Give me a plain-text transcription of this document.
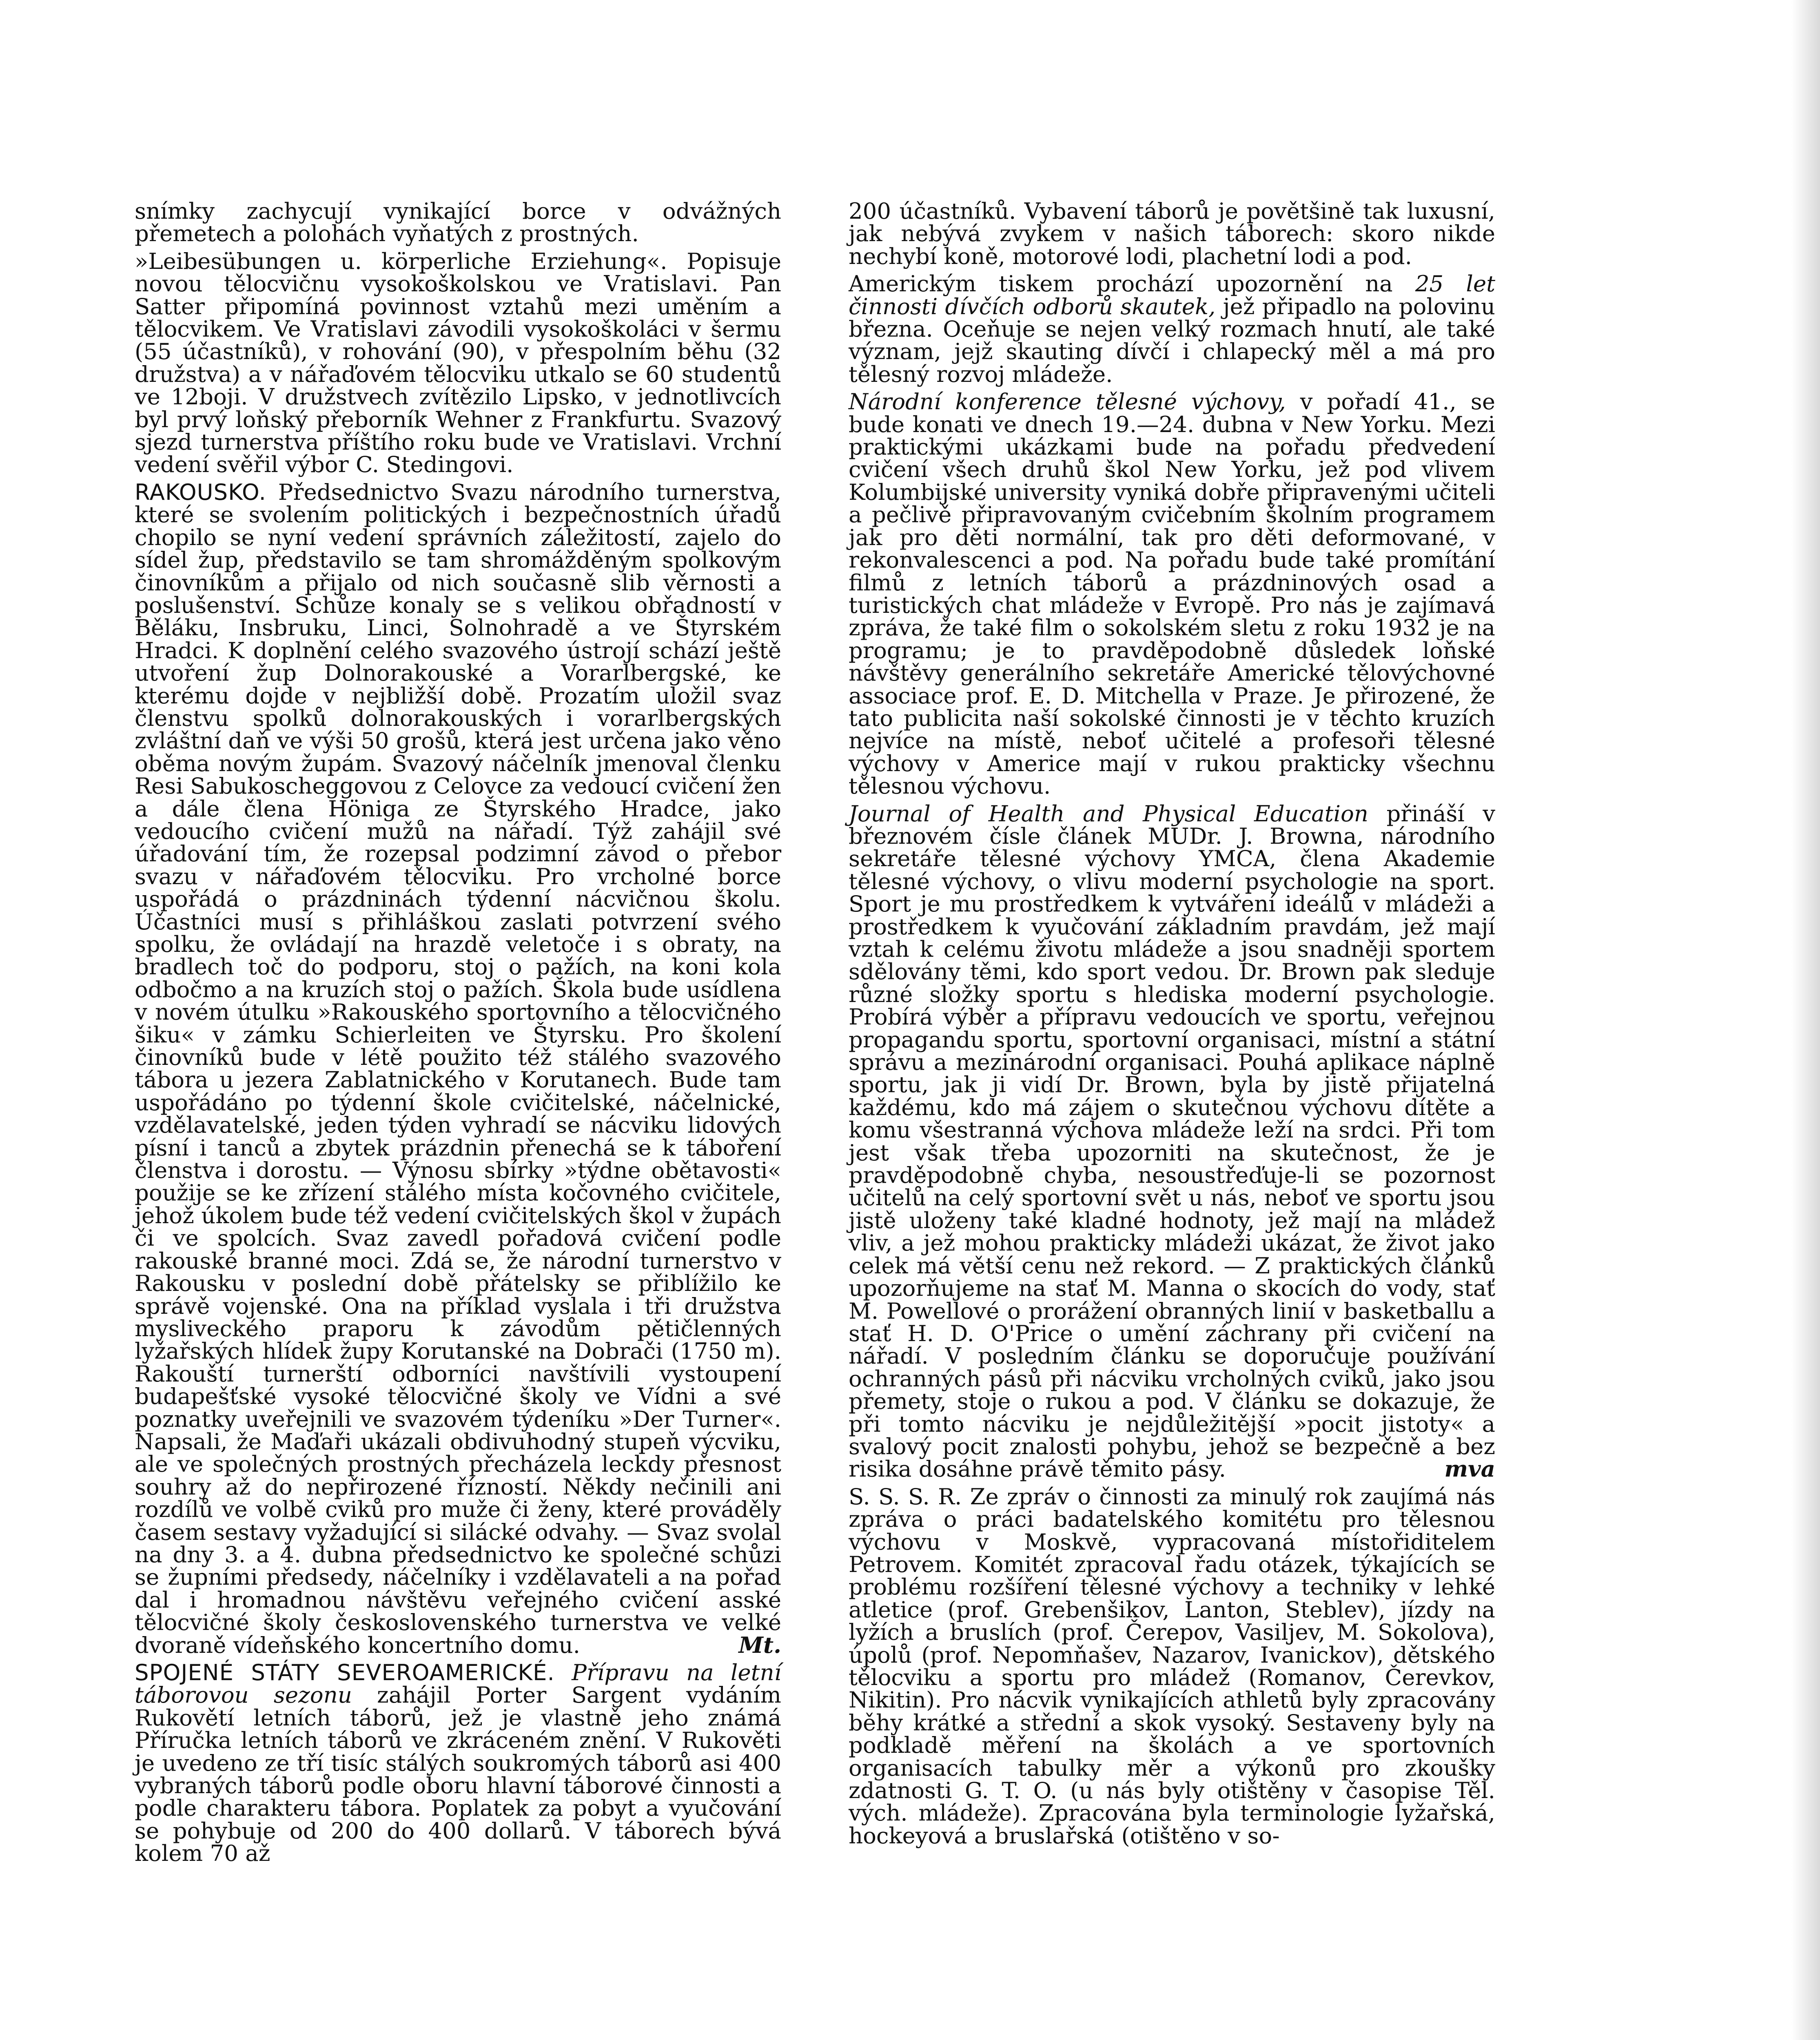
snímky zachycují vynikající borce v odvážných přemetech a polohách vyňatých z prostných.

»Leibesübungen u. körperliche Erziehung«. Popisuje novou tělocvičnu vysokoškolskou ve Vratislavi. Pan Satter připomíná povinnost vztahů mezi uměním a tělocvikem. Ve Vratislavi závodili vysokoškoláci v šermu (55 účastníků), v rohování (90), v přespolním běhu (32 družstva) a v nářaďovém tělocviku utkalo se 60 studentů ve 12boji. V družstvech zvítězilo Lipsko, v jednotlivcích byl prvý loňský přeborník Wehner z Frankfurtu. Svazový sjezd turnerstva příštího roku bude ve Vratislavi. Vrchní vedení svěřil výbor C. Stedingovi.

RAKOUSKO. Předsednictvo Svazu národního turnerstva, které se svolením politických i bezpečnostních úřadů chopilo se nyní vedení správních záležitostí, zajelo do sídel žup, představilo se tam shromážděným spolkovým činovníkům a přijalo od nich současně slib věrnosti a poslušenství. Schůze konaly se s velikou obřadností v Běláku, Insbruku, Linci, Solnohradě a ve Štyrském Hradci. K doplnění celého svazového ústrojí schází ještě utvoření žup Dolnorakouské a Vorarlbergské, ke kterému dojde v nejbližší době. Prozatím uložil svaz členstvu spolků dolnorakouských i vorarlbergských zvláštní daň ve výši 50 grošů, která jest určena jako věno oběma novým župám. Svazový náčelník jmenoval členku Resi Sabukoscheggovou z Celovce za vedoucí cvičení žen a dále člena Höniga ze Štyrského Hradce, jako vedoucího cvičení mužů na nářadí. Týž zahájil své úřadování tím, že rozepsal podzimní závod o přebor svazu v nářaďovém tělocviku. Pro vrcholné borce uspořádá o prázdninách týdenní nácvičnou školu. Účastníci musí s přihláškou zaslati potvrzení svého spolku, že ovládají na hrazdě veletoče i s obraty, na bradlech toč do podporu, stoj o pažích, na koni kola odbočmo a na kruzích stoj o pažích. Škola bude usídlena v novém útulku »Rakouského sportovního a tělocvičného šiku« v zámku Schierleiten ve Štyrsku. Pro školení činovníků bude v létě použito též stálého svazového tábora u jezera Zablatnického v Korutanech. Bude tam uspořádáno po týdenní škole cvičitelské, náčelnické, vzdělavatelské, jeden týden vyhradí se nácviku lidových písní i tanců a zbytek prázdnin přenechá se k táboření členstva i dorostu. — Výnosu sbírky »týdne obětavosti« použije se ke zřízení stálého místa kočovného cvičitele, jehož úkolem bude též vedení cvičitelských škol v župách či ve spolcích. Svaz zavedl pořadová cvičení podle rakouské branné moci. Zdá se, že národní turnerstvo v Rakousku v poslední době přátelsky se přiblížilo ke správě vojenské. Ona na příklad vyslala i tři družstva mysliveckého praporu k závodům pětičlenných lyžařských hlídek župy Korutanské na Dobrači (1750 m). Rakouští turnerští odborníci navštívili vystoupení budapešťské vysoké tělocvičné školy ve Vídni a své poznatky uveřejnili ve svazovém týdeníku »Der Turner«. Napsali, že Maďaři ukázali obdivuhodný stupeň výcviku, ale ve společných prostných přecházela leckdy přesnost souhry až do nepřirozené řízností. Někdy nečinili ani rozdílů ve volbě cviků pro muže či ženy, které prováděly časem sestavy vyžadující si silácké odvahy. — Svaz svolal na dny 3. a 4. dubna předsednictvo ke společné schůzi se župními předsedy, náčelníky i vzdělavateli a na pořad dal i hromadnou návštěvu veřejného cvičení asské tělocvičné školy československého turnerstva ve velké dvoraně vídeňského koncertního domu.	Mt.

SPOJENÉ STÁTY SEVEROAMERICKÉ. Přípravu na letní táborovou sezonu zahájil Porter Sargent vydáním Rukovětí letních táborů, jež je vlastně jeho známá Příručka letních táborů ve zkráceném znění. V Rukověti je uvedeno ze tří tisíc stálých soukromých táborů asi 400 vybraných táborů podle oboru hlavní táborové činnosti a podle charakteru tábora. Poplatek za pobyt a vyučování se pohybuje od 200 do 400 dollarů. V táborech bývá kolem 70 až

200 účastníků. Vybavení táborů je povětšině tak luxusní, jak nebývá zvykem v našich táborech: skoro nikde nechybí koně, motorové lodi, plachetní lodi a pod.

Americkým tiskem prochází upozornění na 25 let činnosti dívčích odborů skautek, jež připadlo na polovinu března. Oceňuje se nejen velký rozmach hnutí, ale také význam, jejž skauting dívčí i chlapecký měl a má pro tělesný rozvoj mládeže.

Národní konference tělesné výchovy, v pořadí 41., se bude konati ve dnech 19.—24. dubna v New Yorku. Mezi praktickými ukázkami bude na pořadu předvedení cvičení všech druhů škol New Yorku, jež pod vlivem Kolumbijské university vyniká dobře připravenými učiteli a pečlivě připravovaným cvičebním školním programem jak pro děti normální, tak pro děti deformované, v rekonvalescenci a pod. Na pořadu bude také promítání filmů z letních táborů a prázdninových osad a turistických chat mládeže v Evropě. Pro nás je zajímavá zpráva, že také film o sokolském sletu z roku 1932 je na programu; je to pravděpodobně důsledek loňské návštěvy generálního sekretáře Americké tělovýchovné associace prof. E. D. Mitchella v Praze. Je přirozené, že tato publicita naší sokolské činnosti je v těchto kruzích nejvíce na místě, neboť učitelé a profesoři tělesné výchovy v Americe mají v rukou prakticky všechnu tělesnou výchovu.

Journal of Health and Physical Education přináší v březnovém čísle článek MUDr. J. Browna, národního sekretáře tělesné výchovy YMCA, člena Akademie tělesné výchovy, o vlivu moderní psychologie na sport. Sport je mu prostředkem k vytváření ideálů v mládeži a prostředkem k vyučování základním pravdám, jež mají vztah k celému životu mládeže a jsou snadněji sportem sdělovány těmi, kdo sport vedou. Dr. Brown pak sleduje různé složky sportu s hlediska moderní psychologie. Probírá výběr a přípravu vedoucích ve sportu, veřejnou propagandu sportu, sportovní organisaci, místní a státní správu a mezinárodní organisaci. Pouhá aplikace náplně sportu, jak ji vidí Dr. Brown, byla by jistě přijatelná každému, kdo má zájem o skutečnou výchovu dítěte a komu všestranná výchova mládeže leží na srdci. Při tom jest však třeba upozorniti na skutečnost, že je pravděpodobně chyba, nesoustřeďuje-li se pozornost učitelů na celý sportovní svět u nás, neboť ve sportu jsou jistě uloženy také kladné hodnoty, jež mají na mládež vliv, a jež mohou prakticky mládeži ukázat, že život jako celek má větší cenu než rekord. — Z praktických článků upozorňujeme na stať M. Manna o skocích do vody, stať M. Powellové o prorážení obranných linií v basketballu a stať H. D. O'Price o umění záchrany při cvičení na nářadí. V posledním článku se doporučuje používání ochranných pásů při nácviku vrcholných cviků, jako jsou přemety, stoje o rukou a pod. V článku se dokazuje, že při tomto nácviku je nejdůležitější »pocit jistoty« a svalový pocit znalosti pohybu, jehož se bezpečně a bez risika dosáhne právě těmito pásy.	mva

S. S. S. R. Ze zpráv o činnosti za minulý rok zaujímá nás zpráva o práci badatelského komitétu pro tělesnou výchovu v Moskvě, vypracovaná místořiditelem Petrovem. Komitét zpracoval řadu otázek, týkajících se problému rozšíření tělesné výchovy a techniky v lehké atletice (prof. Grebenšikov, Lanton, Steblev), jízdy na lyžích a bruslích (prof. Čerepov, Vasiljev, M. Sokolova), úpolů (prof. Nepomňašev, Nazarov, Ivanickov), dětského tělocviku a sportu pro mládež (Romanov, Čerevkov, Nikitin). Pro nácvik vynikajících athletů byly zpracovány běhy krátké a střední a skok vysoký. Sestaveny byly na podkladě měření na školách a ve sportovních organisacích tabulky měr a výkonů pro zkoušky zdatnosti G. T. O. (u nás byly otištěny v časopise Těl. vých. mládeže). Zpracována byla terminologie lyžařská, hockeyová a bruslařská (otištěno v so-
